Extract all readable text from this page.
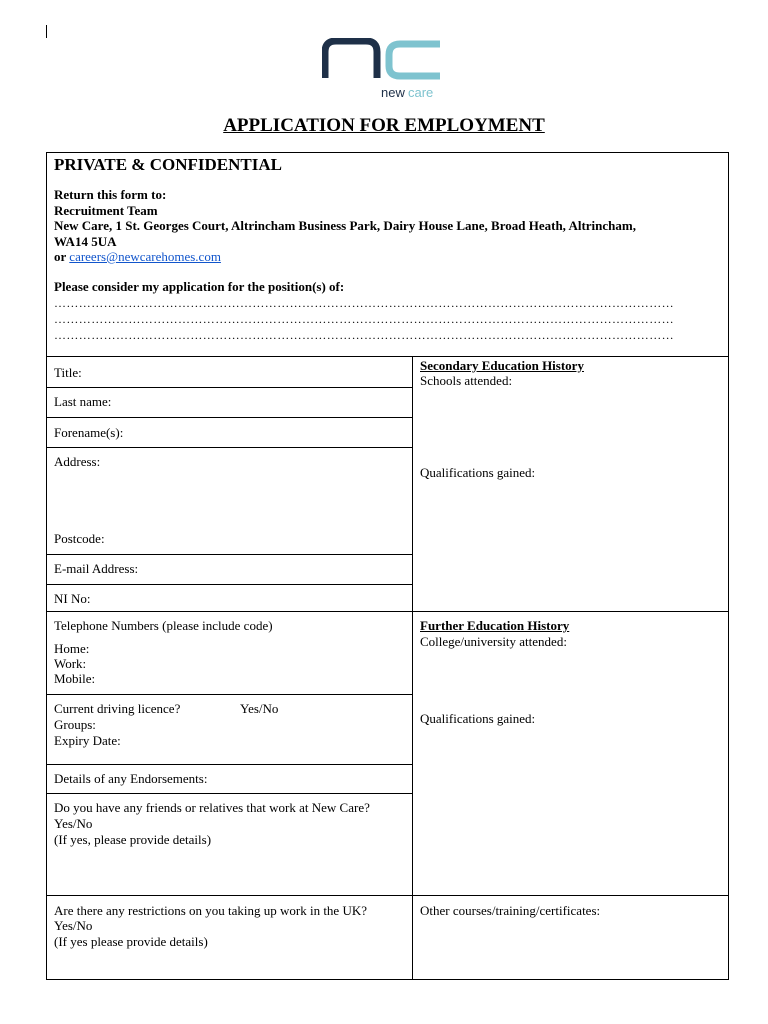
new care
APPLICATION FOR EMPLOYMENT
PRIVATE & CONFIDENTIAL
Return this form to:
Recruitment Team
New Care, 1 St. Georges Court, Altrincham Business Park, Dairy House Lane, Broad Heath, Altrincham,
WA14 5UA
or careers@newcarehomes.com
Please consider my application for the position(s) of:
……………………………………………………………………………………………………………………………………
……………………………………………………………………………………………………………………………………
……………………………………………………………………………………………………………………………………
Title:
Last name:
Forename(s):
Address:
Postcode:
E-mail Address:
NI No:
Telephone Numbers (please include code)
Home:
Work:
Mobile:
Current driving licence?	Yes/No
Groups:
Expiry Date:
Details of any Endorsements:
Do you have any friends or relatives that work at New Care?
Yes/No
(If yes, please provide details)
Are there any restrictions on you taking up work in the UK?
Yes/No
(If yes please provide details)
Secondary Education History
Schools attended:
Qualifications gained:
Further Education History
College/university attended:
Qualifications gained:
Other courses/training/certificates:
